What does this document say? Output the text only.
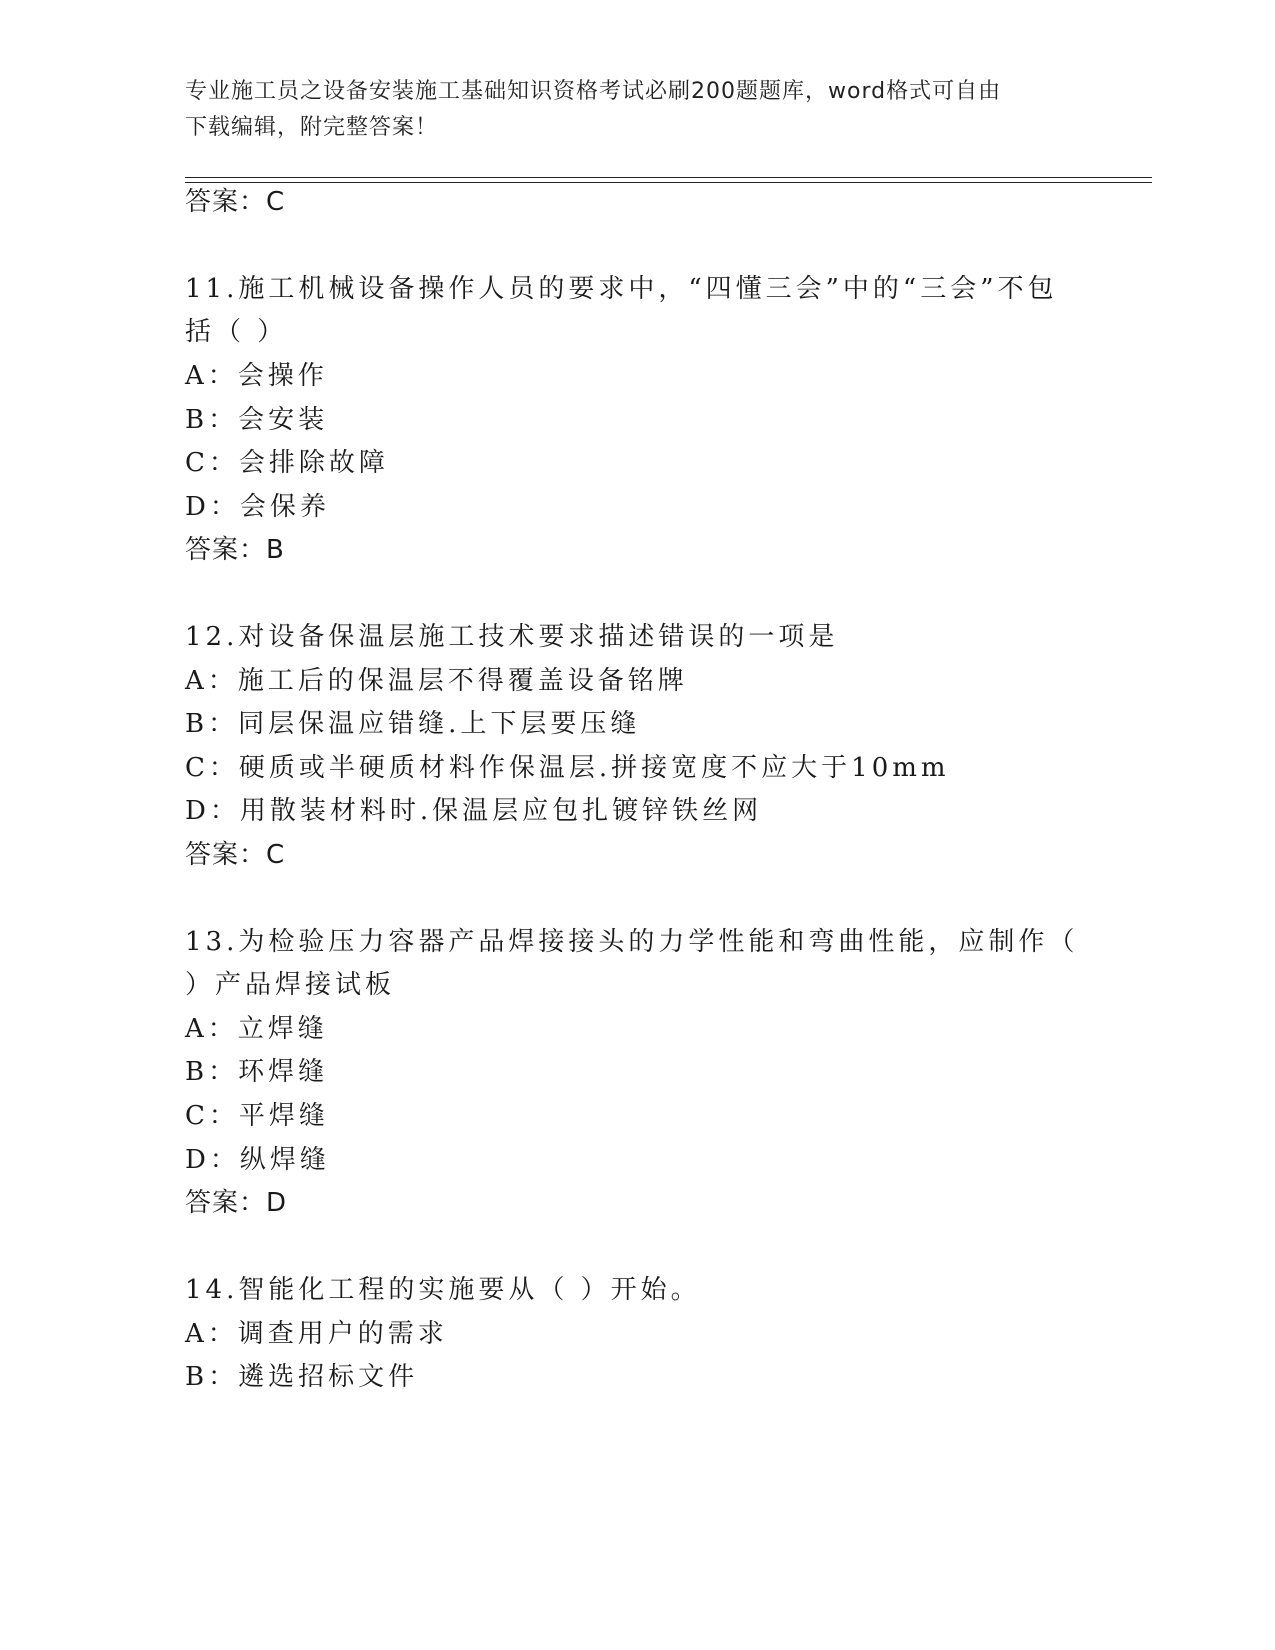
专业施工员之设备安装施工基础知识资格考试必刷200题题库，word格式可自由
下载编辑，附完整答案！
答案：C
11.施工机械设备操作人员的要求中，“四懂三会”中的“三会”不包
括（ ）
A：会操作
B：会安装
C：会排除故障
D：会保养
答案：B
12.对设备保温层施工技术要求描述错误的一项是
A：施工后的保温层不得覆盖设备铭牌
B：同层保温应错缝.上下层要压缝
C：硬质或半硬质材料作保温层.拼接宽度不应大于10mm
D：用散装材料时.保温层应包扎镀锌铁丝网
答案：C
13.为检验压力容器产品焊接接头的力学性能和弯曲性能，应制作（
）产品焊接试板
A：立焊缝
B：环焊缝
C：平焊缝
D：纵焊缝
答案：D
14.智能化工程的实施要从（ ）开始。
A：调查用户的需求
B：遴选招标文件
